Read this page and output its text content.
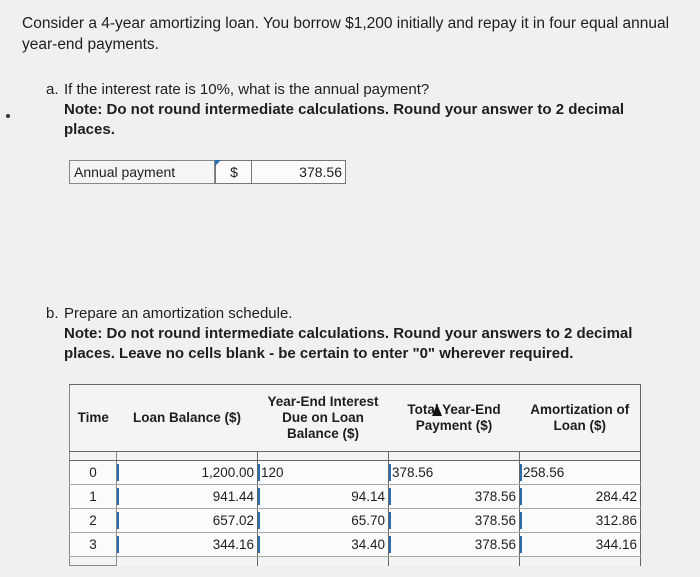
Consider a 4-year amortizing loan. You borrow $1,200 initially and repay it in four equal annual year-end payments.
a. If the interest rate is 10%, what is the annual payment?

Note: Do not round intermediate calculations. Round your answer to 2 decimal places.
Annual payment	$	378.56
b. Prepare an amortization schedule.

Note: Do not round intermediate calculations. Round your answers to 2 decimal places. Leave no cells blank - be certain to enter "0" wherever required.
Time	Loan Balance ($)	Year-End Interest Due on Loan Balance ($)	Total Year-End Payment ($)	Amortization of Loan ($)

0	1,200.00	120	378.56	258.56

1	941.44	94.14	378.56	284.42

2	657.02	65.70	378.56	312.86

3	344.16	34.40	378.56	344.16
